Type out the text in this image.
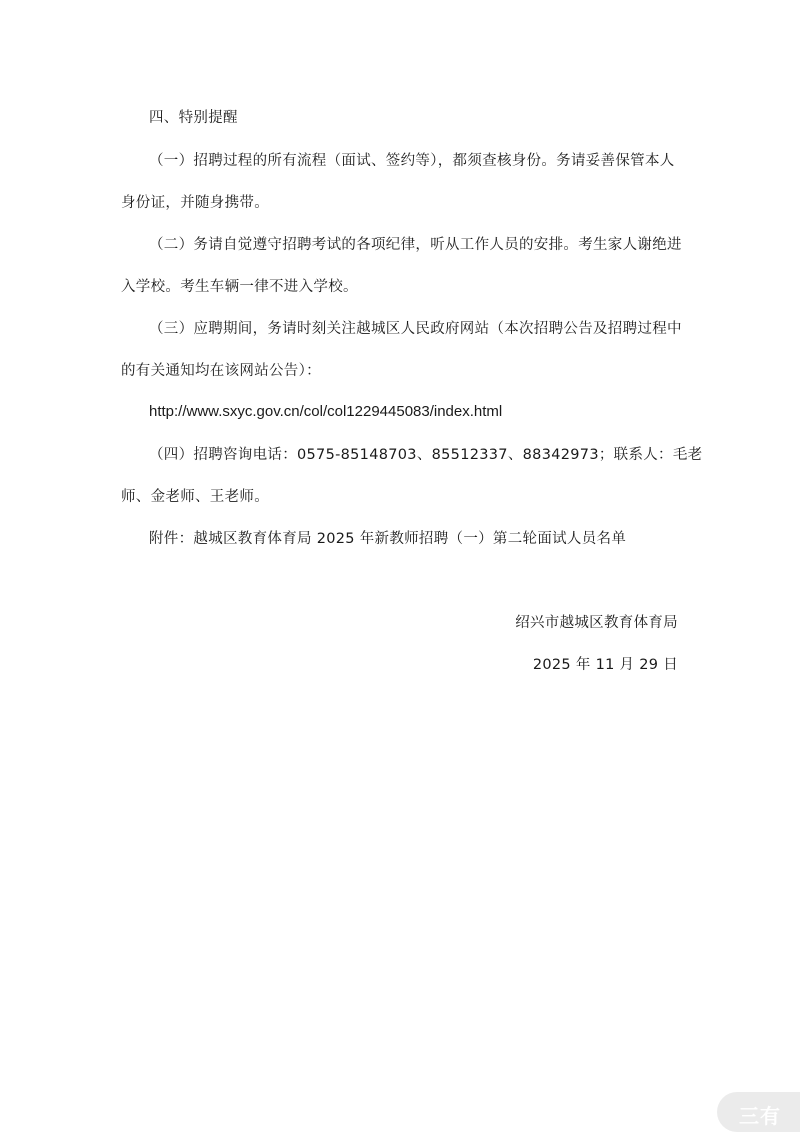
四、特别提醒
（一）招聘过程的所有流程（面试、签约等），都须查核身份。务请妥善保管本人
身份证，并随身携带。
（二）务请自觉遵守招聘考试的各项纪律，听从工作人员的安排。考生家人谢绝进
入学校。考生车辆一律不进入学校。
（三）应聘期间，务请时刻关注越城区人民政府网站（本次招聘公告及招聘过程中
的有关通知均在该网站公告）：
http://www.sxyc.gov.cn/col/col1229445083/index.html
（四）招聘咨询电话：0575-85148703、85512337、88342973；联系人：毛老
师、金老师、王老师。
附件：越城区教育体育局 2025 年新教师招聘（一）第二轮面试人员名单
绍兴市越城区教育体育局
2025 年 11 月 29 日
三有
